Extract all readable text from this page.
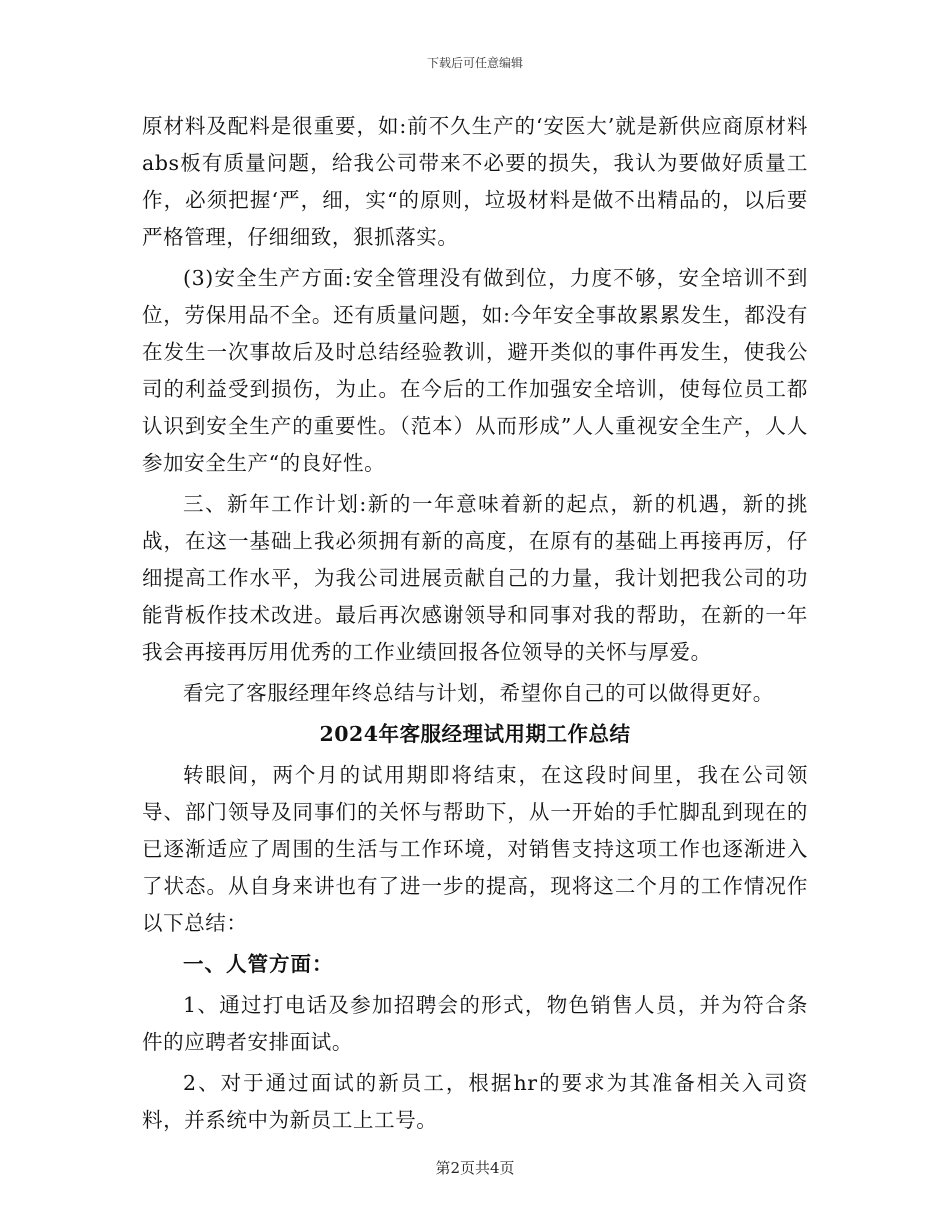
下载后可任意编辑

原材料及配料是很重要，如:前不久生产的‘安医大’就是新供应商原材料abs板有质量问题，给我公司带来不必要的损失，我认为要做好质量工作，必须把握‘严，细，实“的原则，垃圾材料是做不出精品的，以后要严格管理，仔细细致，狠抓落实。

(3)安全生产方面:安全管理没有做到位，力度不够，安全培训不到位，劳保用品不全。还有质量问题，如:今年安全事故累累发生，都没有在发生一次事故后及时总结经验教训，避开类似的事件再发生，使我公司的利益受到损伤，为止。在今后的工作加强安全培训，使每位员工都认识到安全生产的重要性。（范本）从而形成”人人重视安全生产，人人参加安全生产“的良好性。

三、新年工作计划:新的一年意味着新的起点，新的机遇，新的挑战，在这一基础上我必须拥有新的高度，在原有的基础上再接再厉，仔细提高工作水平，为我公司进展贡献自己的力量，我计划把我公司的功能背板作技术改进。最后再次感谢领导和同事对我的帮助，在新的一年我会再接再厉用优秀的工作业绩回报各位领导的关怀与厚爱。

看完了客服经理年终总结与计划，希望你自己的可以做得更好。

2024年客服经理试用期工作总结

转眼间，两个月的试用期即将结束，在这段时间里，我在公司领导、部门领导及同事们的关怀与帮助下，从一开始的手忙脚乱到现在的已逐渐适应了周围的生活与工作环境，对销售支持这项工作也逐渐进入了状态。从自身来讲也有了进一步的提高，现将这二个月的工作情况作以下总结：

一、人管方面：

1、通过打电话及参加招聘会的形式，物色销售人员，并为符合条件的应聘者安排面试。

2、对于通过面试的新员工，根据hr的要求为其准备相关入司资料，并系统中为新员工上工号。

第2页共4页
